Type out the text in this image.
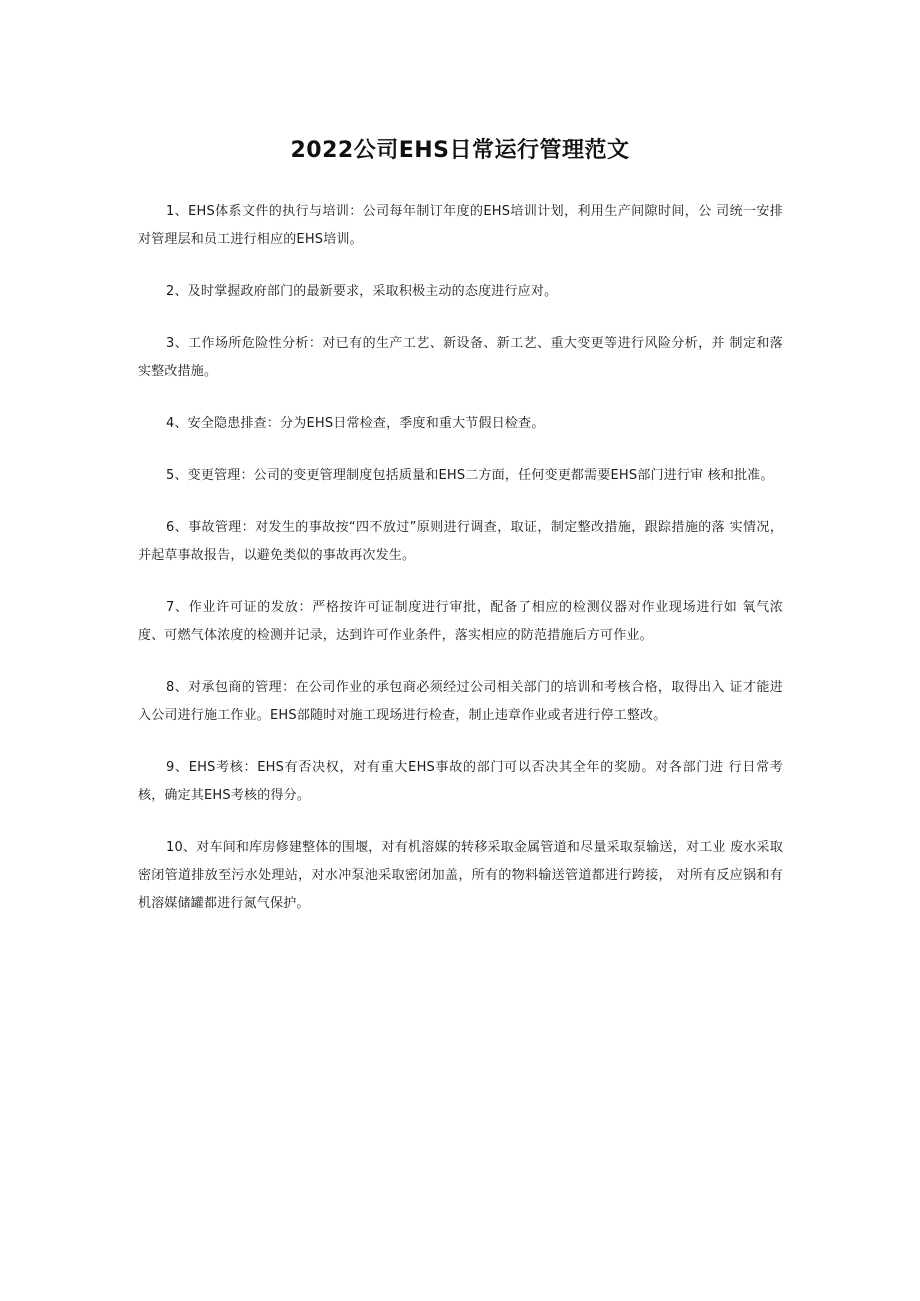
2022公司EHS日常运行管理范文

1、EHS体系文件的执行与培训：公司每年制订年度的EHS培训计划，利用生产间隙时间，公 司统一安排对管理层和员工进行相应的EHS培训。

2、及时掌握政府部门的最新要求，采取积极主动的态度进行应对。

3、工作场所危险性分析：对已有的生产工艺、新设备、新工艺、重大变更等进行风险分析，并 制定和落实整改措施。

4、安全隐患排查：分为EHS日常检查，季度和重大节假日检查。

5、变更管理：公司的变更管理制度包括质量和EHS二方面，任何变更都需要EHS部门进行审 核和批准。

6、事故管理：对发生的事故按“四不放过”原则进行调查，取证，制定整改措施，跟踪措施的落 实情况，并起草事故报告，以避免类似的事故再次发生。

7、作业许可证的发放：严格按许可证制度进行审批，配备了相应的检测仪器对作业现场进行如 氧气浓度、可燃气体浓度的检测并记录，达到许可作业条件，落实相应的防范措施后方可作业。

8、对承包商的管理：在公司作业的承包商必须经过公司相关部门的培训和考核合格，取得出入 证才能进入公司进行施工作业。EHS部随时对施工现场进行检查，制止违章作业或者进行停工整改。

9、EHS考核：EHS有否决权，对有重大EHS事故的部门可以否决其全年的奖励。对各部门进 行日常考核，确定其EHS考核的得分。

10、对车间和库房修建整体的围堰，对有机溶媒的转移采取金属管道和尽量采取泵输送，对工业 废水采取密闭管道排放至污水处理站，对水冲泵池采取密闭加盖，所有的物料输送管道都进行跨接， 对所有反应锅和有机溶媒储罐都进行氮气保护。
